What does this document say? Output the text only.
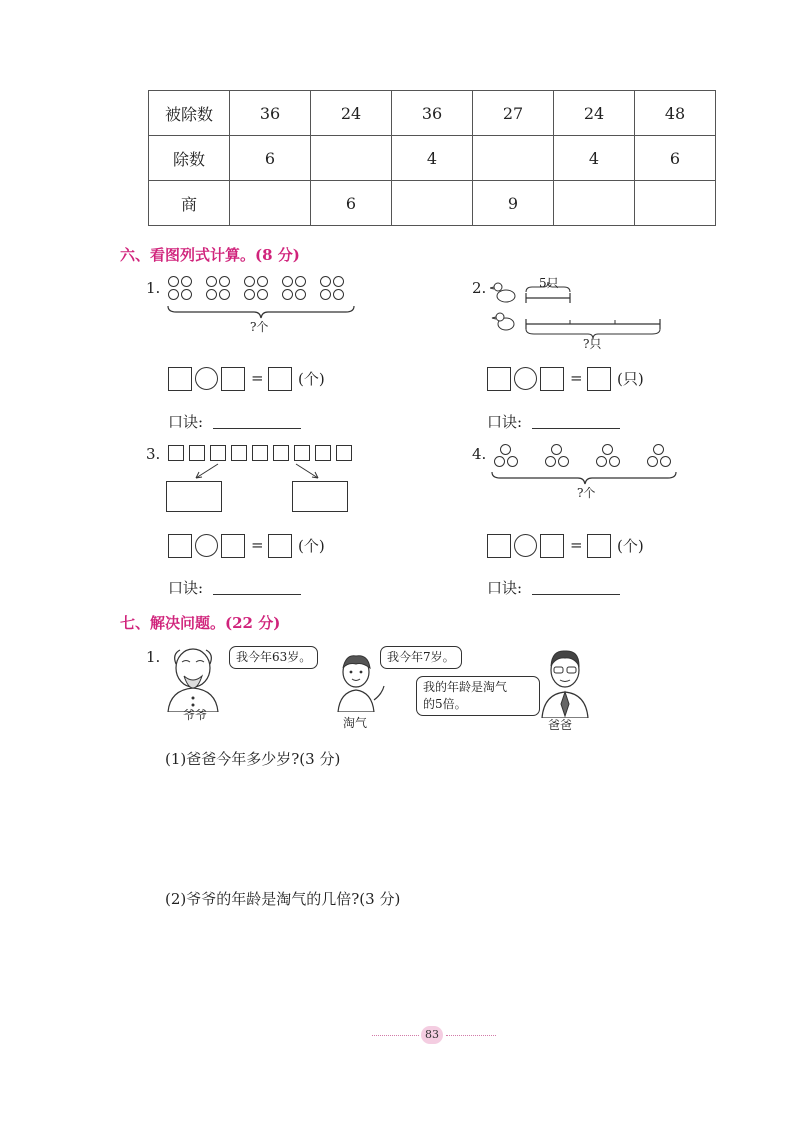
被除数	36	24	36	27	24	48
除数	6		4		4	6
商		6		9		
六、看图列式计算。(8 分)
1.
?个
= (个)
口诀:
2.	5只
?只
= (只)
口诀:
3.
= (个)
口诀:
4.
?个
= (个)
口诀:
七、解决问题。(22 分)
1.	我今年63岁。
爷爷
我今年7岁。
淘气
我的年龄是淘气
的5倍。
爸爸
(1)爸爸今年多少岁?(3 分)
(2)爷爷的年龄是淘气的几倍?(3 分)
83
